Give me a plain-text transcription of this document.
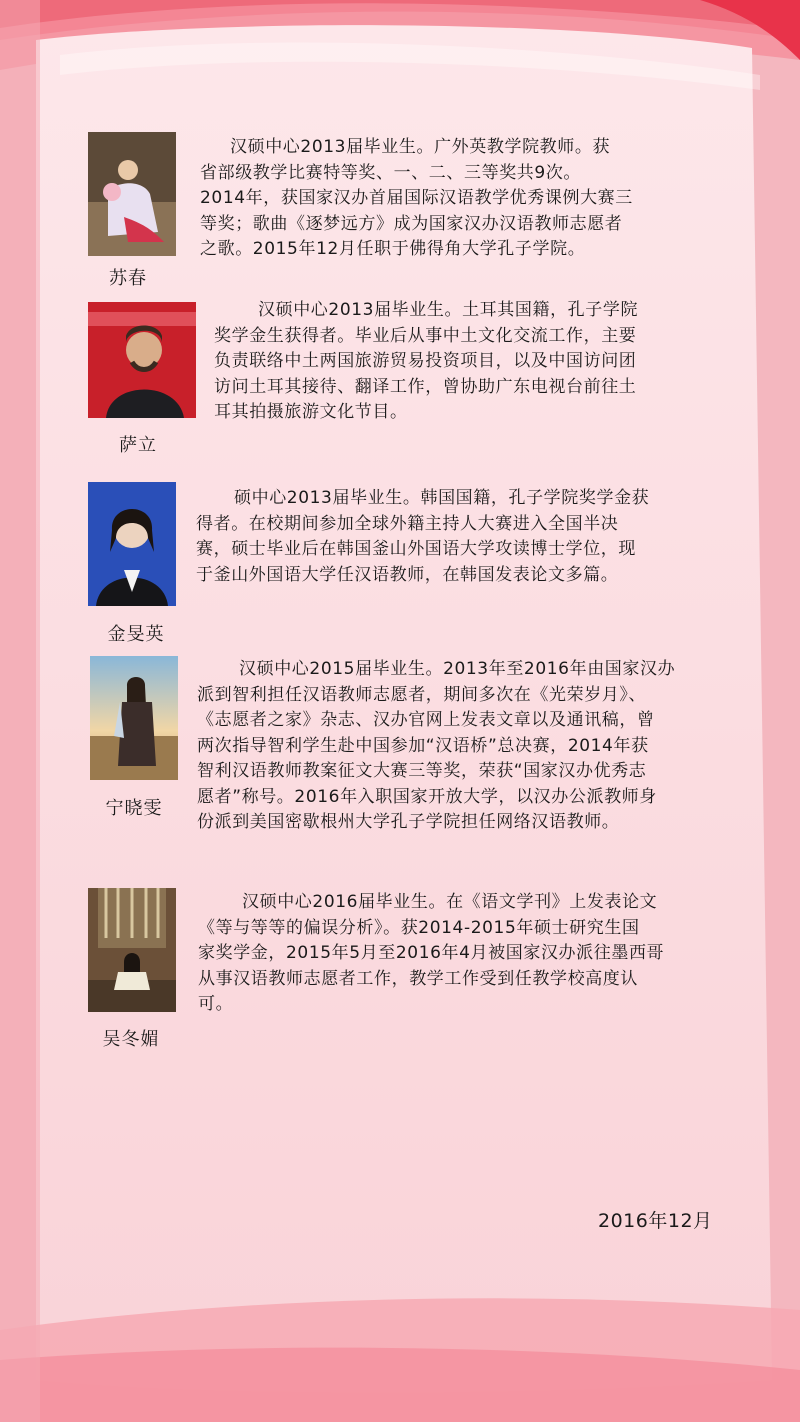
苏春

汉硕中心2013届毕业生。广外英教学院教师。获
省部级教学比赛特等奖、一、二、三等奖共9次。
2014年，获国家汉办首届国际汉语教学优秀课例大赛三
等奖；歌曲《逐梦远方》成为国家汉办汉语教师志愿者
之歌。2015年12月任职于佛得角大学孔子学院。

萨立

汉硕中心2013届毕业生。土耳其国籍，孔子学院
奖学金生获得者。毕业后从事中土文化交流工作，主要
负责联络中土两国旅游贸易投资项目，以及中国访问团
访问土耳其接待、翻译工作，曾协助广东电视台前往土
耳其拍摄旅游文化节目。

金旻英

硕中心2013届毕业生。韩国国籍，孔子学院奖学金获
得者。在校期间参加全球外籍主持人大赛进入全国半决
赛，硕士毕业后在韩国釜山外国语大学攻读博士学位，现
于釜山外国语大学任汉语教师，在韩国发表论文多篇。

宁晓雯

汉硕中心2015届毕业生。2013年至2016年由国家汉办
派到智利担任汉语教师志愿者，期间多次在《光荣岁月》、
《志愿者之家》杂志、汉办官网上发表文章以及通讯稿，曾
两次指导智利学生赴中国参加“汉语桥”总决赛，2014年获
智利汉语教师教案征文大赛三等奖，荣获“国家汉办优秀志
愿者”称号。2016年入职国家开放大学，以汉办公派教师身
份派到美国密歇根州大学孔子学院担任网络汉语教师。

吴冬媚

汉硕中心2016届毕业生。在《语文学刊》上发表论文
《等与等等的偏误分析》。获2014-2015年硕士研究生国
家奖学金，2015年5月至2016年4月被国家汉办派往墨西哥
从事汉语教师志愿者工作，教学工作受到任教学校高度认
可。

2016年12月
